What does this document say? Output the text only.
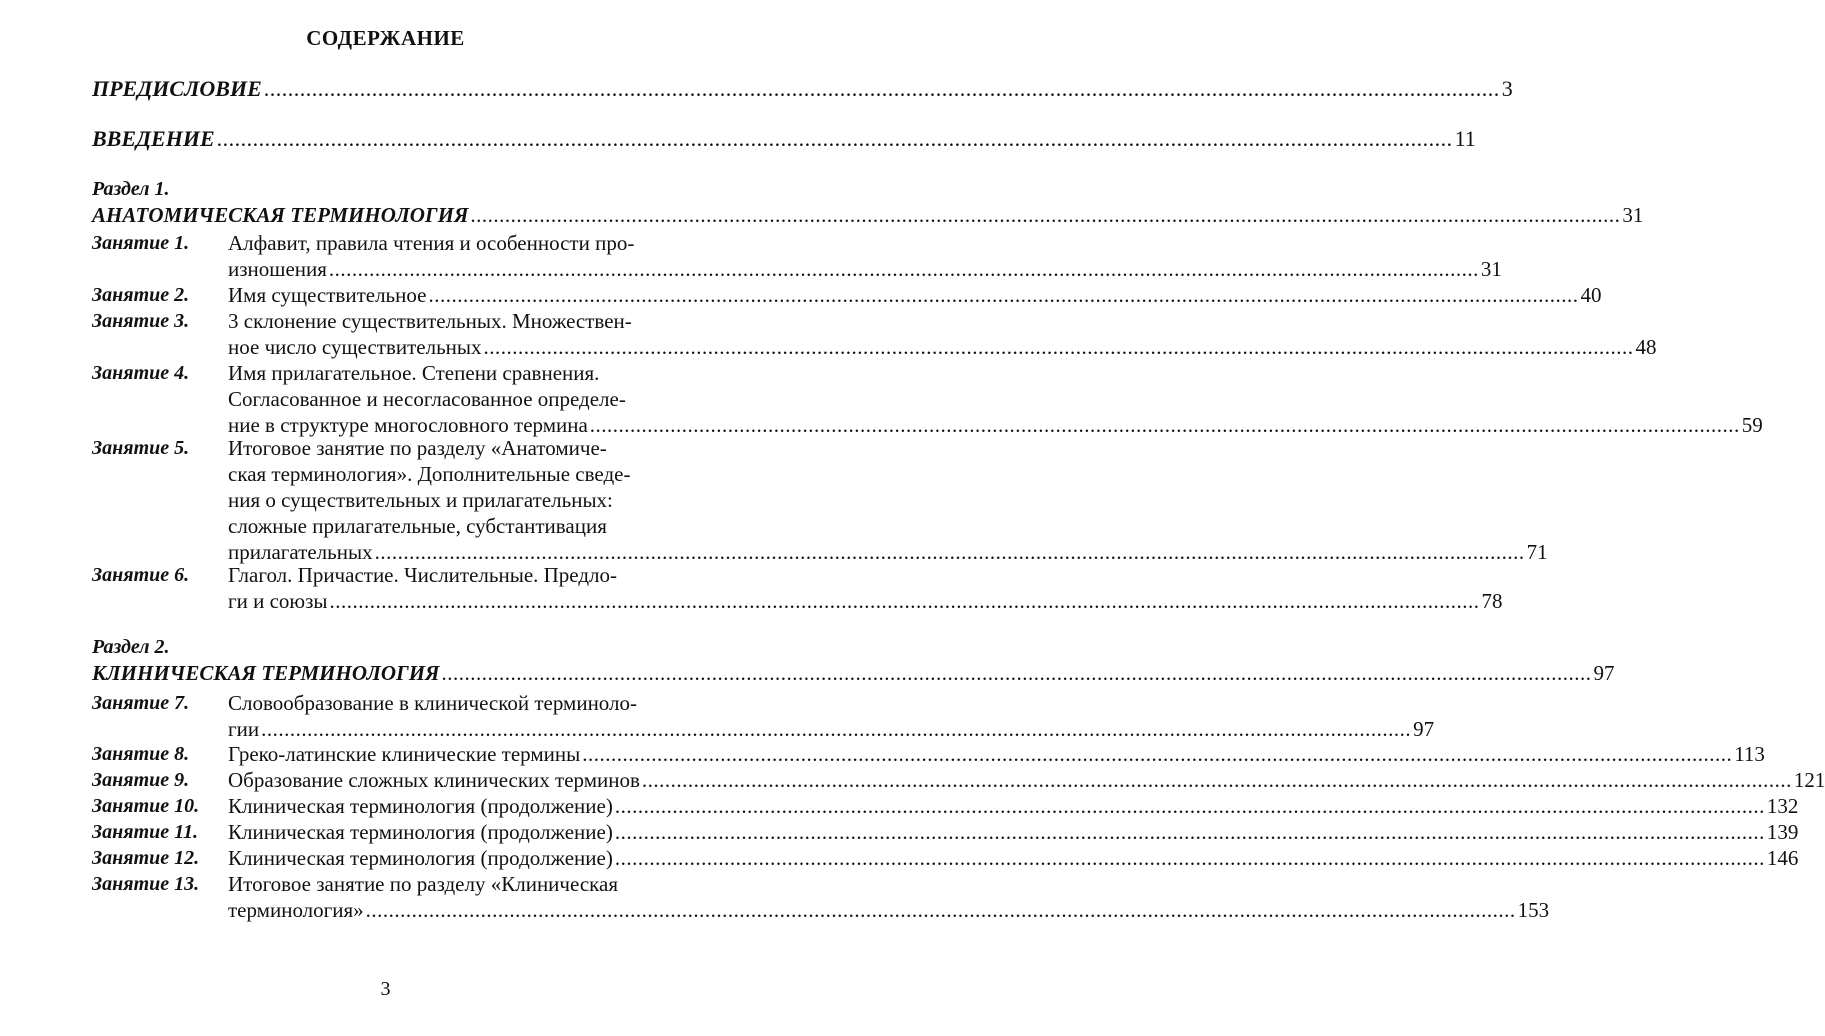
СОДЕРЖАНИЕ
ПРЕДИСЛОВИЕ .............................................................................................................................................................................................................. 3
ВВЕДЕНИЕ .............................................................................................................................................................................................................. 11
Раздел 1.
АНАТОМИЧЕСКАЯ ТЕРМИНОЛОГИЯ ........................................................................................................................................................................................................ 31
Занятие 1. Алфавит, правила чтения и особенности про-
изношения ........................................................................................................................................................................................................ 31
Занятие 2. Имя существительное ........................................................................................................................................................................................................ 40
Занятие 3. 3 склонение существительных. Множествен-
ное число существительных ........................................................................................................................................................................................................ 48
Занятие 4. Имя прилагательное. Степени сравнения.
Согласованное и несогласованное определе-
ние в структуре многословного термина ........................................................................................................................................................................................................ 59
Занятие 5. Итоговое занятие по разделу «Анатомиче-
ская терминология». Дополнительные сведе-
ния о существительных и прилагательных:
сложные прилагательные, субстантивация
прилагательных ........................................................................................................................................................................................................ 71
Занятие 6. Глагол. Причастие. Числительные. Предло-
ги и союзы ........................................................................................................................................................................................................ 78
Раздел 2.
КЛИНИЧЕСКАЯ ТЕРМИНОЛОГИЯ ........................................................................................................................................................................................................ 97
Занятие 7. Словообразование в клинической терминоло-
гии ........................................................................................................................................................................................................ 97
Занятие 8. Греко-латинские клинические термины ........................................................................................................................................................................................................ 113
Занятие 9. Образование сложных клинических терминов ........................................................................................................................................................................................................ 121
Занятие 10. Клиническая терминология (продолжение) ........................................................................................................................................................................................................ 132
Занятие 11. Клиническая терминология (продолжение) ........................................................................................................................................................................................................ 139
Занятие 12. Клиническая терминология (продолжение) ........................................................................................................................................................................................................ 146
Занятие 13. Итоговое занятие по разделу «Клиническая
терминология» ........................................................................................................................................................................................................ 153
3
